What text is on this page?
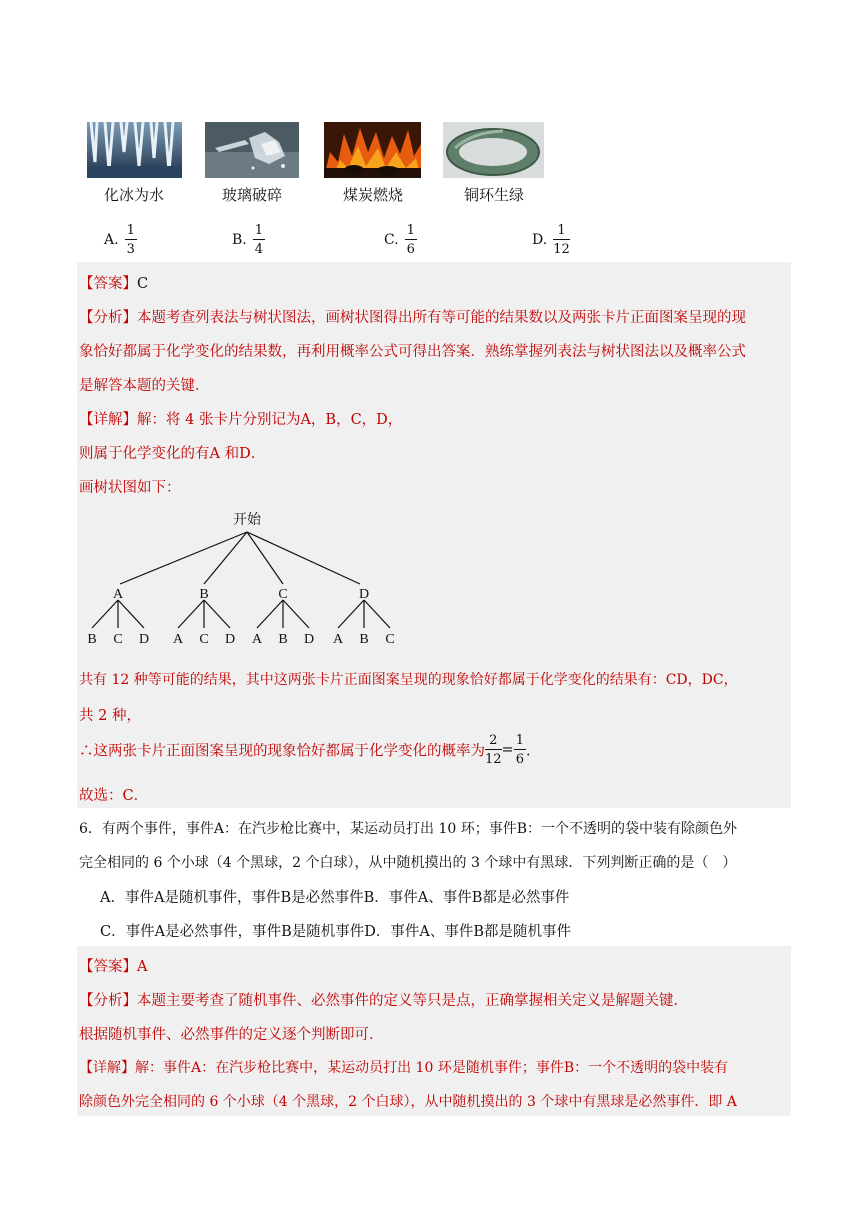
化冰为水	玻璃破碎	煤炭燃烧	铜环生绿
A. $\frac{1}{3}$	B. $\frac{1}{4}$	C. $\frac{1}{6}$	D. $\frac{1}{12}$
【答案】C
【分析】本题考查列表法与树状图法，画树状图得出所有等可能的结果数以及两张卡片正面图案呈现的现
象恰好都属于化学变化的结果数，再利用概率公式可得出答案．熟练掌握列表法与树状图法以及概率公式
是解答本题的关键．
【详解】解：将 4 张卡片分别记为A，B，C，D，
则属于化学变化的有A 和D．
画树状图如下：
开始
A	B	C	D
B C D A C D A B D A B C
共有 12 种等可能的结果，其中这两张卡片正面图案呈现的现象恰好都属于化学变化的结果有：CD，DC，
共 2 种，
∴这两张卡片正面图案呈现的现象恰好都属于化学变化的概率为 $\frac{2}{12} = \frac{1}{6}$ ．
故选：C．
6．有两个事件，事件A：在汽步枪比赛中，某运动员打出 10 环；事件B：一个不透明的袋中装有除颜色外
完全相同的 6 个小球（4 个黑球，2 个白球），从中随机摸出的 3 个球中有黑球．下列判断正确的是（　）
A．事件A是随机事件，事件B是必然事件B．事件A、事件B都是必然事件
C．事件A是必然事件，事件B是随机事件D．事件A、事件B都是随机事件
【答案】A
【分析】本题主要考查了随机事件、必然事件的定义等只是点，正确掌握相关定义是解题关键．
根据随机事件、必然事件的定义逐个判断即可．
【详解】解：事件A：在汽步枪比赛中，某运动员打出 10 环是随机事件；事件B：一个不透明的袋中装有
除颜色外完全相同的 6 个小球（4 个黑球，2 个白球），从中随机摸出的 3 个球中有黑球是必然事件．即 A
